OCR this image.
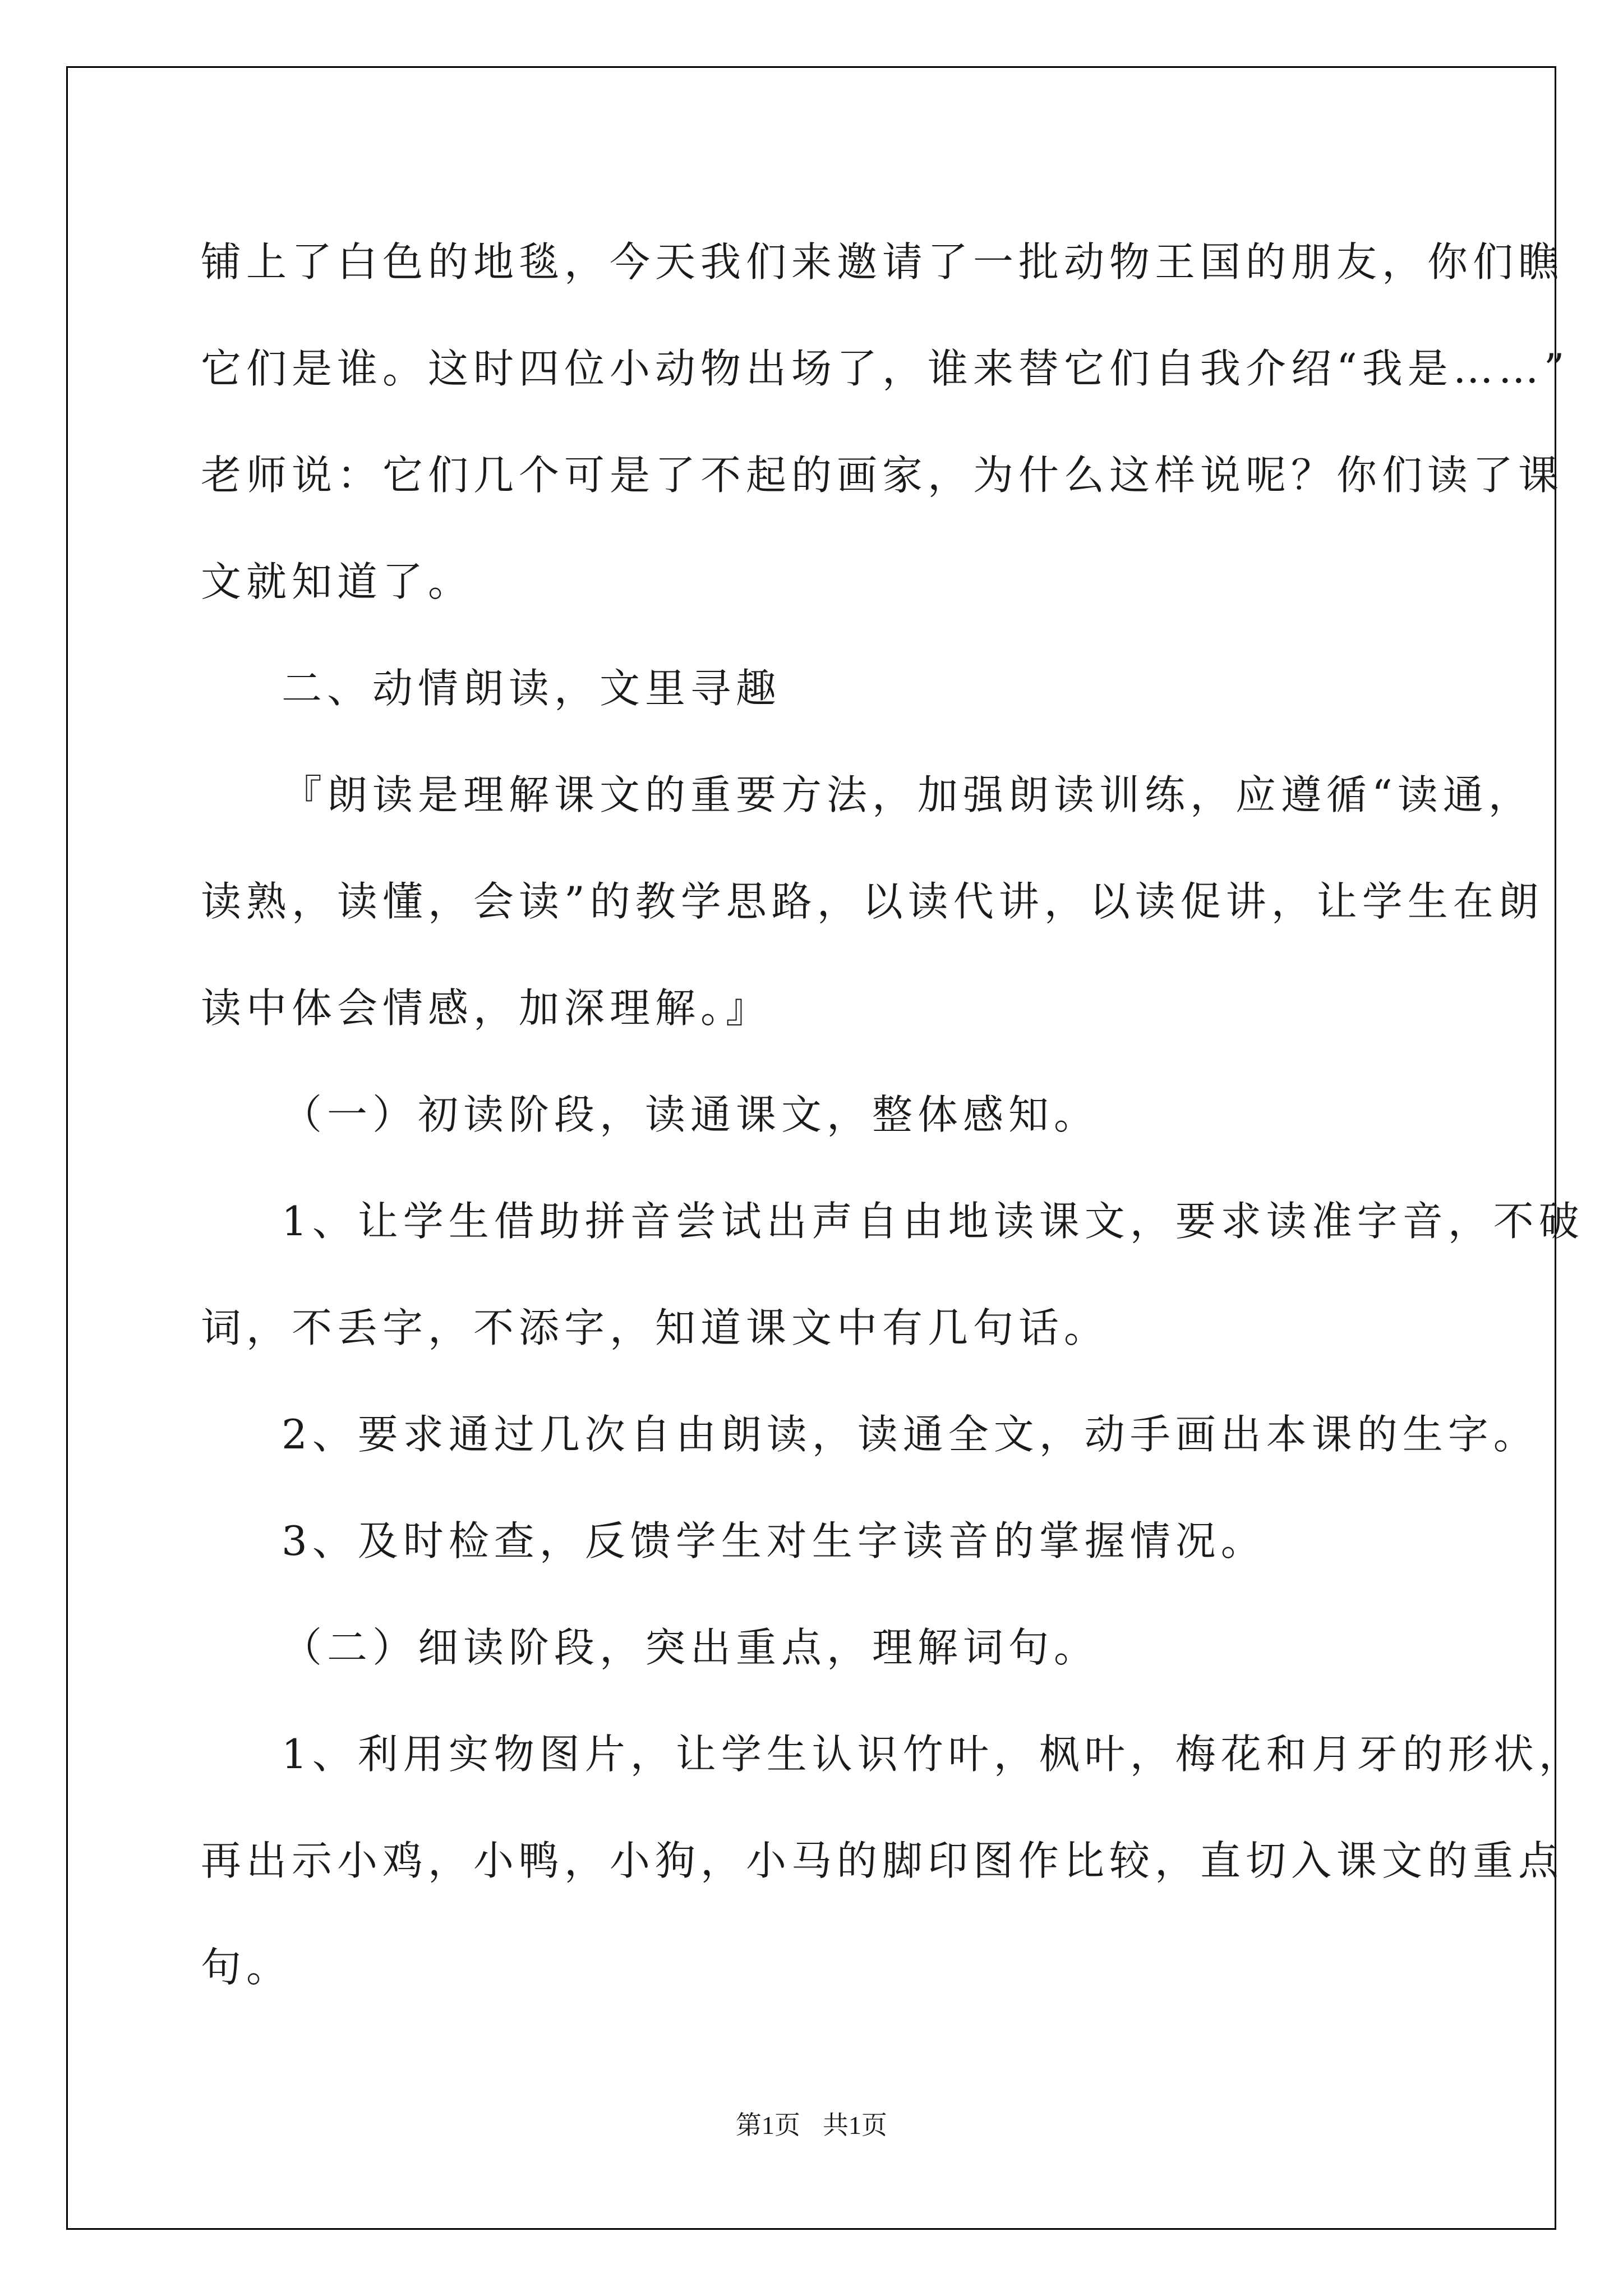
铺上了白色的地毯，今天我们来邀请了一批动物王国的朋友，你们瞧
它们是谁。这时四位小动物出场了，谁来替它们自我介绍“我是……”
老师说：它们几个可是了不起的画家，为什么这样说呢？你们读了课
文就知道了。

二、动情朗读，文里寻趣

『朗读是理解课文的重要方法，加强朗读训练，应遵循“读通，
读熟，读懂，会读”的教学思路，以读代讲，以读促讲，让学生在朗
读中体会情感，加深理解。』

（一）初读阶段，读通课文，整体感知。

1、让学生借助拼音尝试出声自由地读课文，要求读准字音，不破
词，不丢字，不添字，知道课文中有几句话。

2、要求通过几次自由朗读，读通全文，动手画出本课的生字。

3、及时检查，反馈学生对生字读音的掌握情况。

（二）细读阶段，突出重点，理解词句。

1、利用实物图片，让学生认识竹叶，枫叶，梅花和月牙的形状，
再出示小鸡，小鸭，小狗，小马的脚印图作比较，直切入课文的重点
句。

第1页 共1页
